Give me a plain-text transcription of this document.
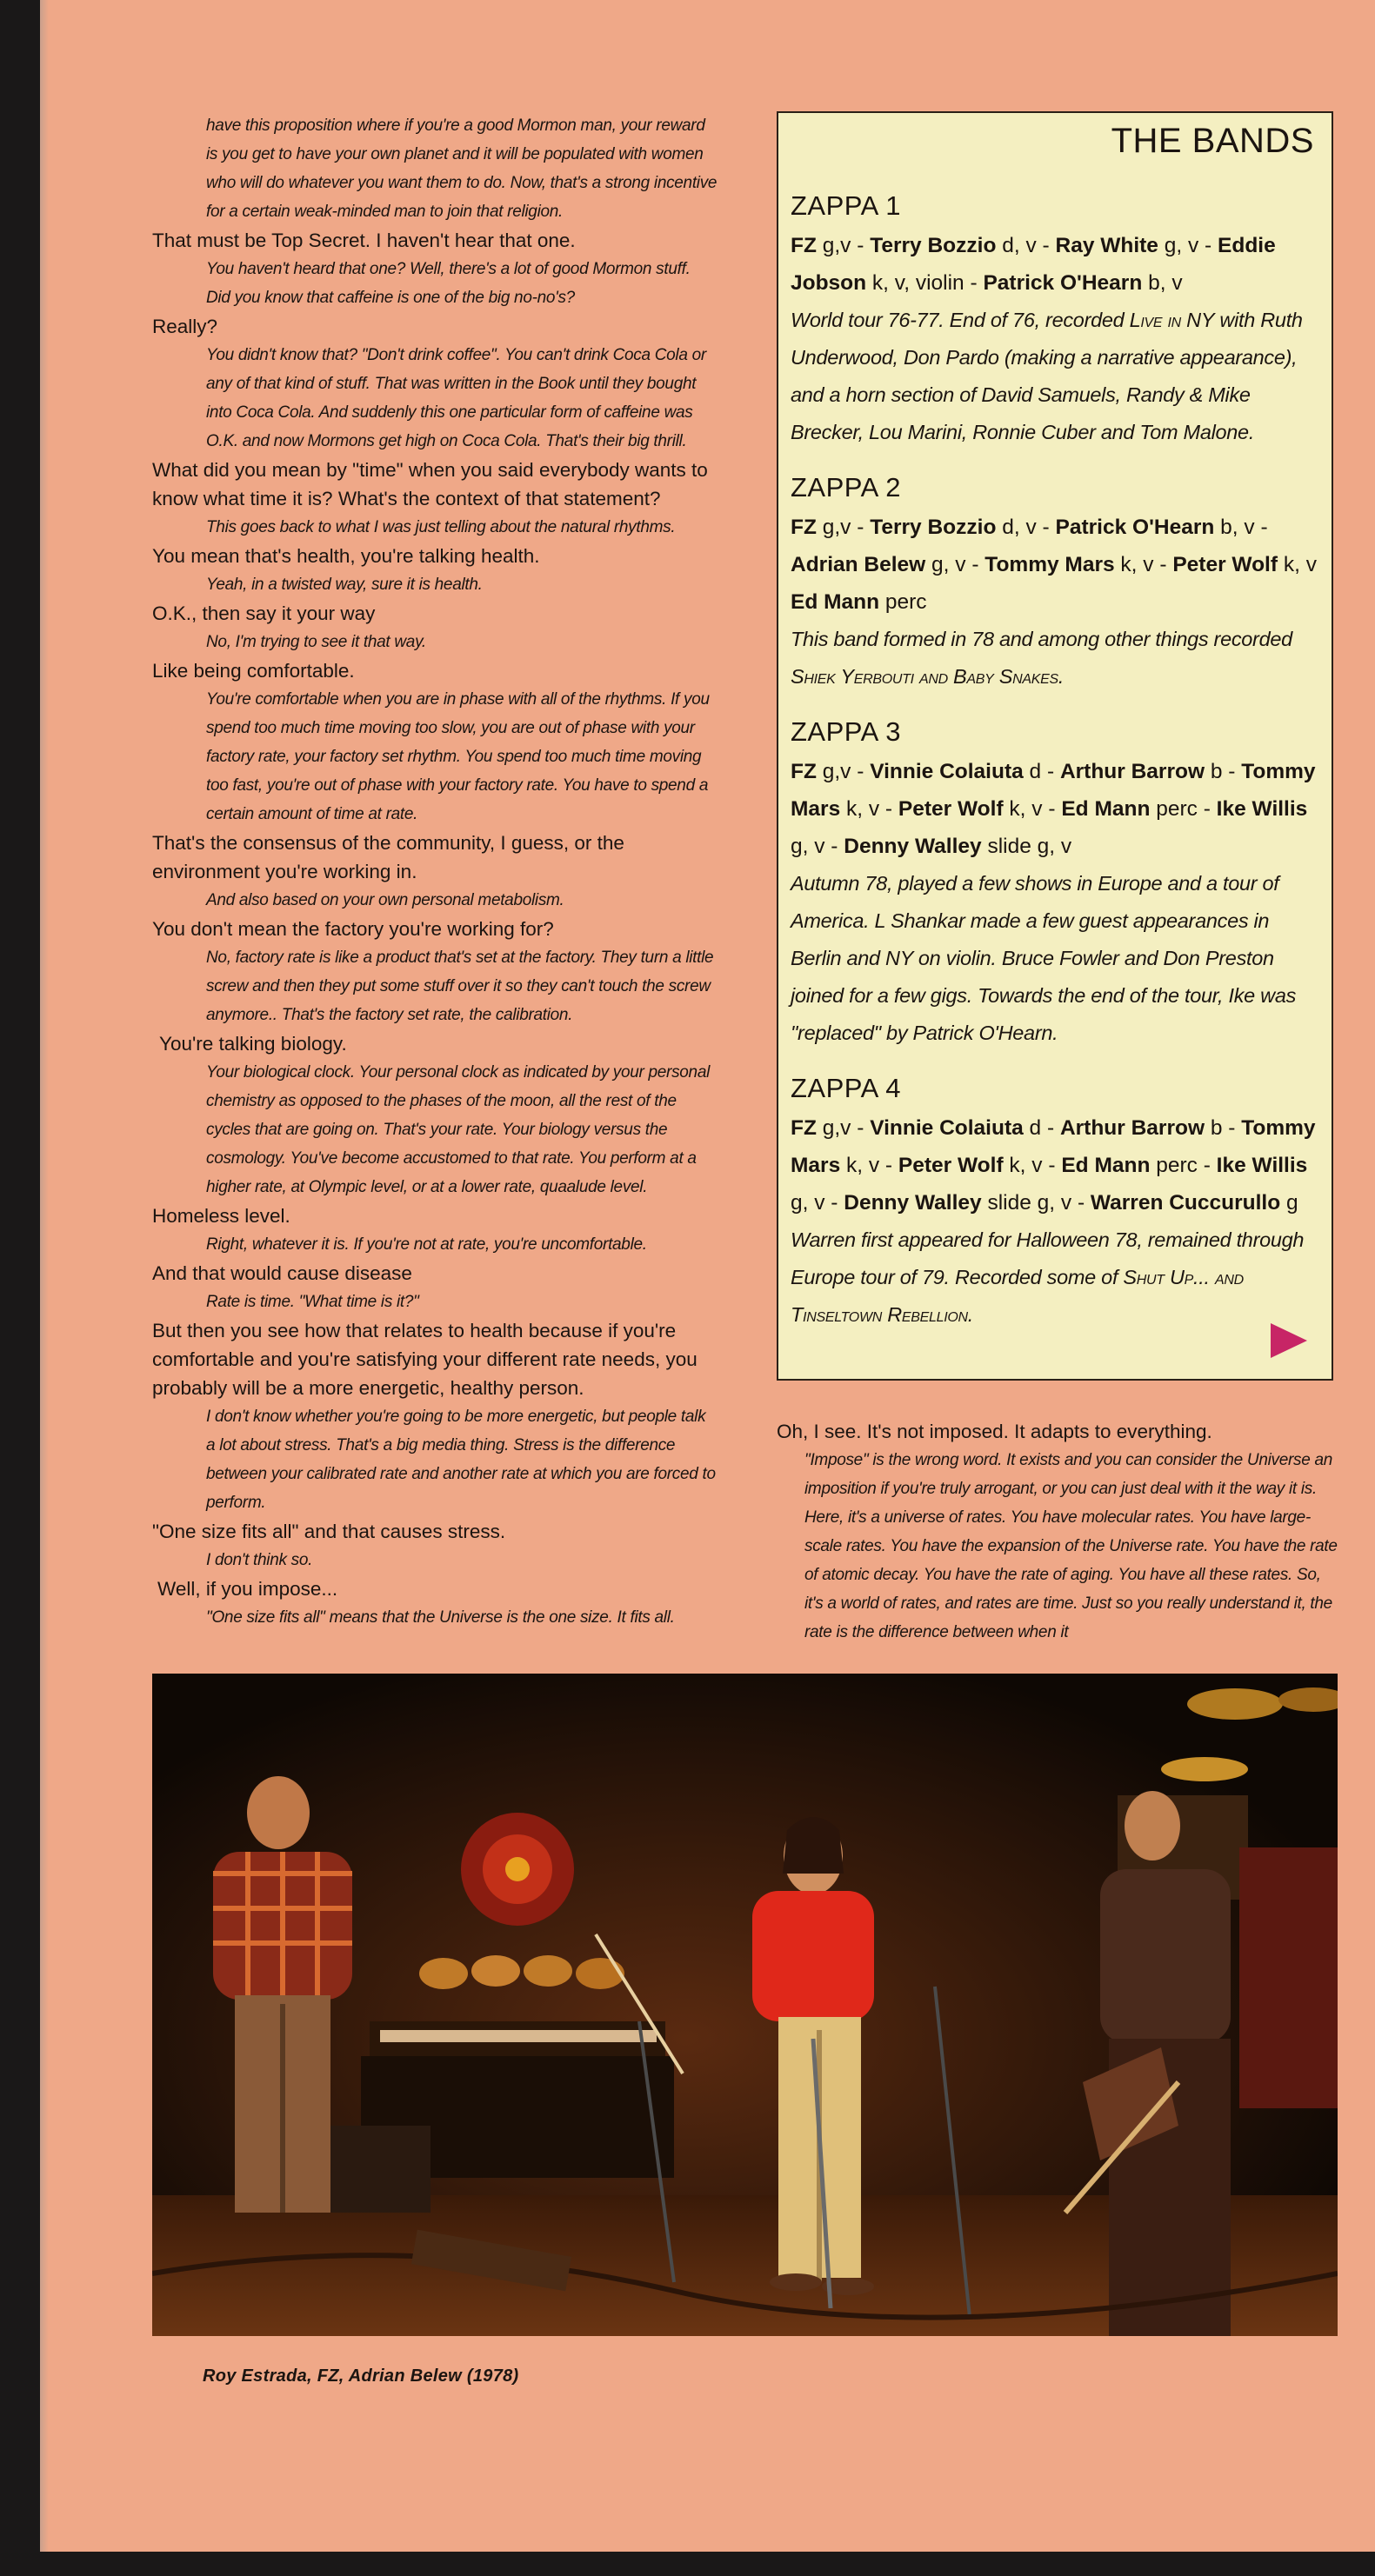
have this proposition where if you're a good Mormon man, your reward is you get to have your own planet and it will be populated with women who will do whatever you want them to do. Now, that's a strong incentive for a certain weak-minded man to join that religion.

That must be Top Secret. I haven't hear that one.

You haven't heard that one? Well, there's a lot of good Mormon stuff. Did you know that caffeine is one of the big no-no's?

Really?

You didn't know that? "Don't drink coffee". You can't drink Coca Cola or any of that kind of stuff. That was written in the Book until they bought into Coca Cola. And suddenly this one particular form of caffeine was O.K. and now Mormons get high on Coca Cola. That's their big thrill.

What did you mean by "time" when you said everybody wants to know what time it is? What's the context of that statement?

This goes back to what I was just telling about the natural rhythms.

You mean that's health, you're talking health.

Yeah, in a twisted way, sure it is health.

O.K., then say it your way

No, I'm trying to see it that way.

Like being comfortable.

You're comfortable when you are in phase with all of the rhythms. If you spend too much time moving too slow, you are out of phase with your factory rate, your factory set rhythm. You spend too much time moving too fast, you're out of phase with your factory rate. You have to spend a certain amount of time at rate.

That's the consensus of the community, I guess, or the environment you're working in.

And also based on your own personal metabolism.

You don't mean the factory you're working for?

No, factory rate is like a product that's set at the factory. They turn a little screw and then they put some stuff over it so they can't touch the screw anymore.. That's the factory set rate, the calibration.

You're talking biology.

Your biological clock. Your personal clock as indicated by your personal chemistry as opposed to the phases of the moon, all the rest of the cycles that are going on. That's your rate. Your biology versus the cosmology. You've become accustomed to that rate. You perform at a higher rate, at Olympic level, or at a lower rate, quaalude level.

Homeless level.

Right, whatever it is. If you're not at rate, you're uncomfortable.

And that would cause disease

Rate is time. "What time is it?"

But then you see how that relates to health because if you're comfortable and you're satisfying your different rate needs, you probably will be a more energetic, healthy person.

I don't know whether you're going to be more energetic, but people talk a lot about stress. That's a big media thing. Stress is the difference between your calibrated rate and another rate at which you are forced to perform.

"One size fits all" and that causes stress.

I don't think so.

Well, if you impose...

"One size fits all" means that the Universe is the one size. It fits all.

THE BANDS
ZAPPA 1
FZ g,v - Terry Bozzio d, v - Ray White g, v - Eddie Jobson k, v, violin - Patrick O'Hearn b, v
World tour 76-77. End of 76, recorded Live in NY with Ruth Underwood, Don Pardo (making a narrative appearance), and a horn section of David Samuels, Randy & Mike Brecker, Lou Marini, Ronnie Cuber and Tom Malone.
ZAPPA 2
FZ g,v - Terry Bozzio d, v - Patrick O'Hearn b, v - Adrian Belew g, v - Tommy Mars k, v - Peter Wolf k, v Ed Mann perc
This band formed in 78 and among other things recorded Shiek Yerbouti and Baby Snakes.
ZAPPA 3
FZ g,v - Vinnie Colaiuta d - Arthur Barrow b - Tommy Mars k, v - Peter Wolf k, v - Ed Mann perc - Ike Willis g, v - Denny Walley slide g, v
Autumn 78, played a few shows in Europe and a tour of America. L Shankar made a few guest appearances in Berlin and NY on violin. Bruce Fowler and Don Preston joined for a few gigs. Towards the end of the tour, Ike was "replaced" by Patrick O'Hearn.
ZAPPA 4
FZ g,v - Vinnie Colaiuta d - Arthur Barrow b - Tommy Mars k, v - Peter Wolf k, v - Ed Mann perc - Ike Willis g, v - Denny Walley slide g, v - Warren Cuccurullo g
Warren first appeared for Halloween 78, remained through Europe tour of 79. Recorded some of Shut Up... and Tinseltown Rebellion.

Oh, I see. It's not imposed. It adapts to everything.

"Impose" is the wrong word. It exists and you can consider the Universe an imposition if you're truly arrogant, or you can just deal with it the way it is. Here, it's a universe of rates. You have molecular rates. You have large-scale rates. You have the expansion of the Universe rate. You have the rate of atomic decay. You have the rate of aging. You have all these rates. So, it's a world of rates, and rates are time. Just so you really understand it, the rate is the difference between when it

Roy Estrada, FZ, Adrian Belew (1978)
